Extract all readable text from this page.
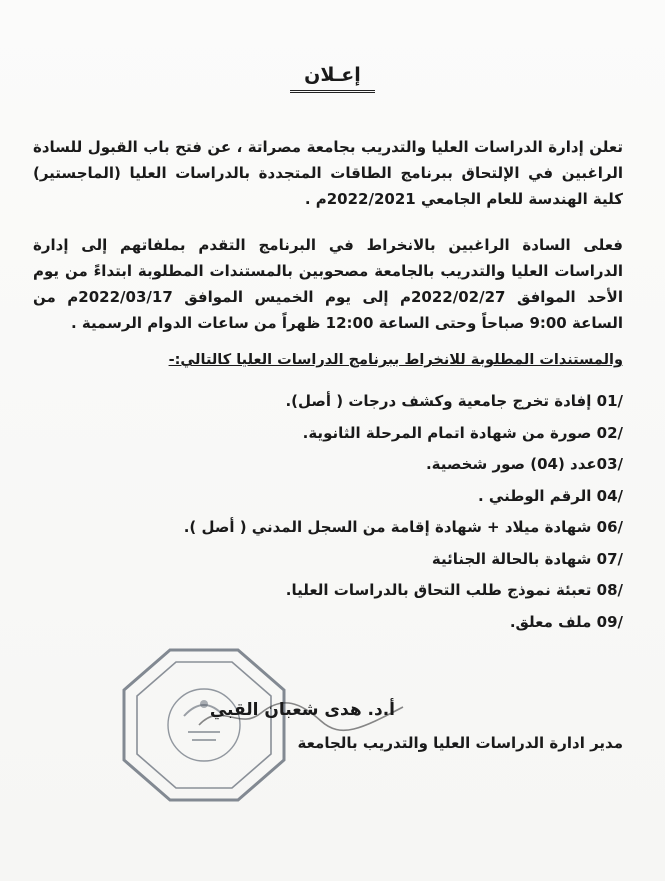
إعـلان

تعلن إدارة الدراسات العليا والتدريب بجامعة مصراتة ، عن فتح باب القبول للسادة الراغبين في الإلتحاق ببرنامج الطاقات المتجددة بالدراسات العليا (الماجستير) كلية الهندسة للعام الجامعي 2022/2021م .

فعلى السادة الراغبين بالانخراط في البرنامج التقدم بملفاتهم إلى إدارة الدراسات العليا والتدريب بالجامعة مصحوبين بالمستندات المطلوبة ابتداءً من يوم الأحد الموافق 2022/02/27م إلى يوم الخميس الموافق 2022/03/17م من الساعة 9:00 صباحاً وحتى الساعة 12:00 ظهراً من ساعات الدوام الرسمية .

والمستندات المطلوبة للانخراط ببرنامج الدراسات العليا كالتالي:-
01/ إفادة تخرج جامعية وكشف درجات ( أصل).
02/ صورة من شهادة اتمام المرحلة الثانوية.
03/عدد (04) صور شخصية.
04/ الرقم الوطني .
06/ شهادة ميلاد + شهادة إقامة من السجل المدني ( أصل ).
07/ شهادة بالحالة الجنائية
08/ تعبئة نموذج طلب التحاق بالدراسات العليا.
09/ ملف معلق.
أ.د. هدى شعبان القبي
مدير ادارة الدراسات العليا والتدريب بالجامعة
